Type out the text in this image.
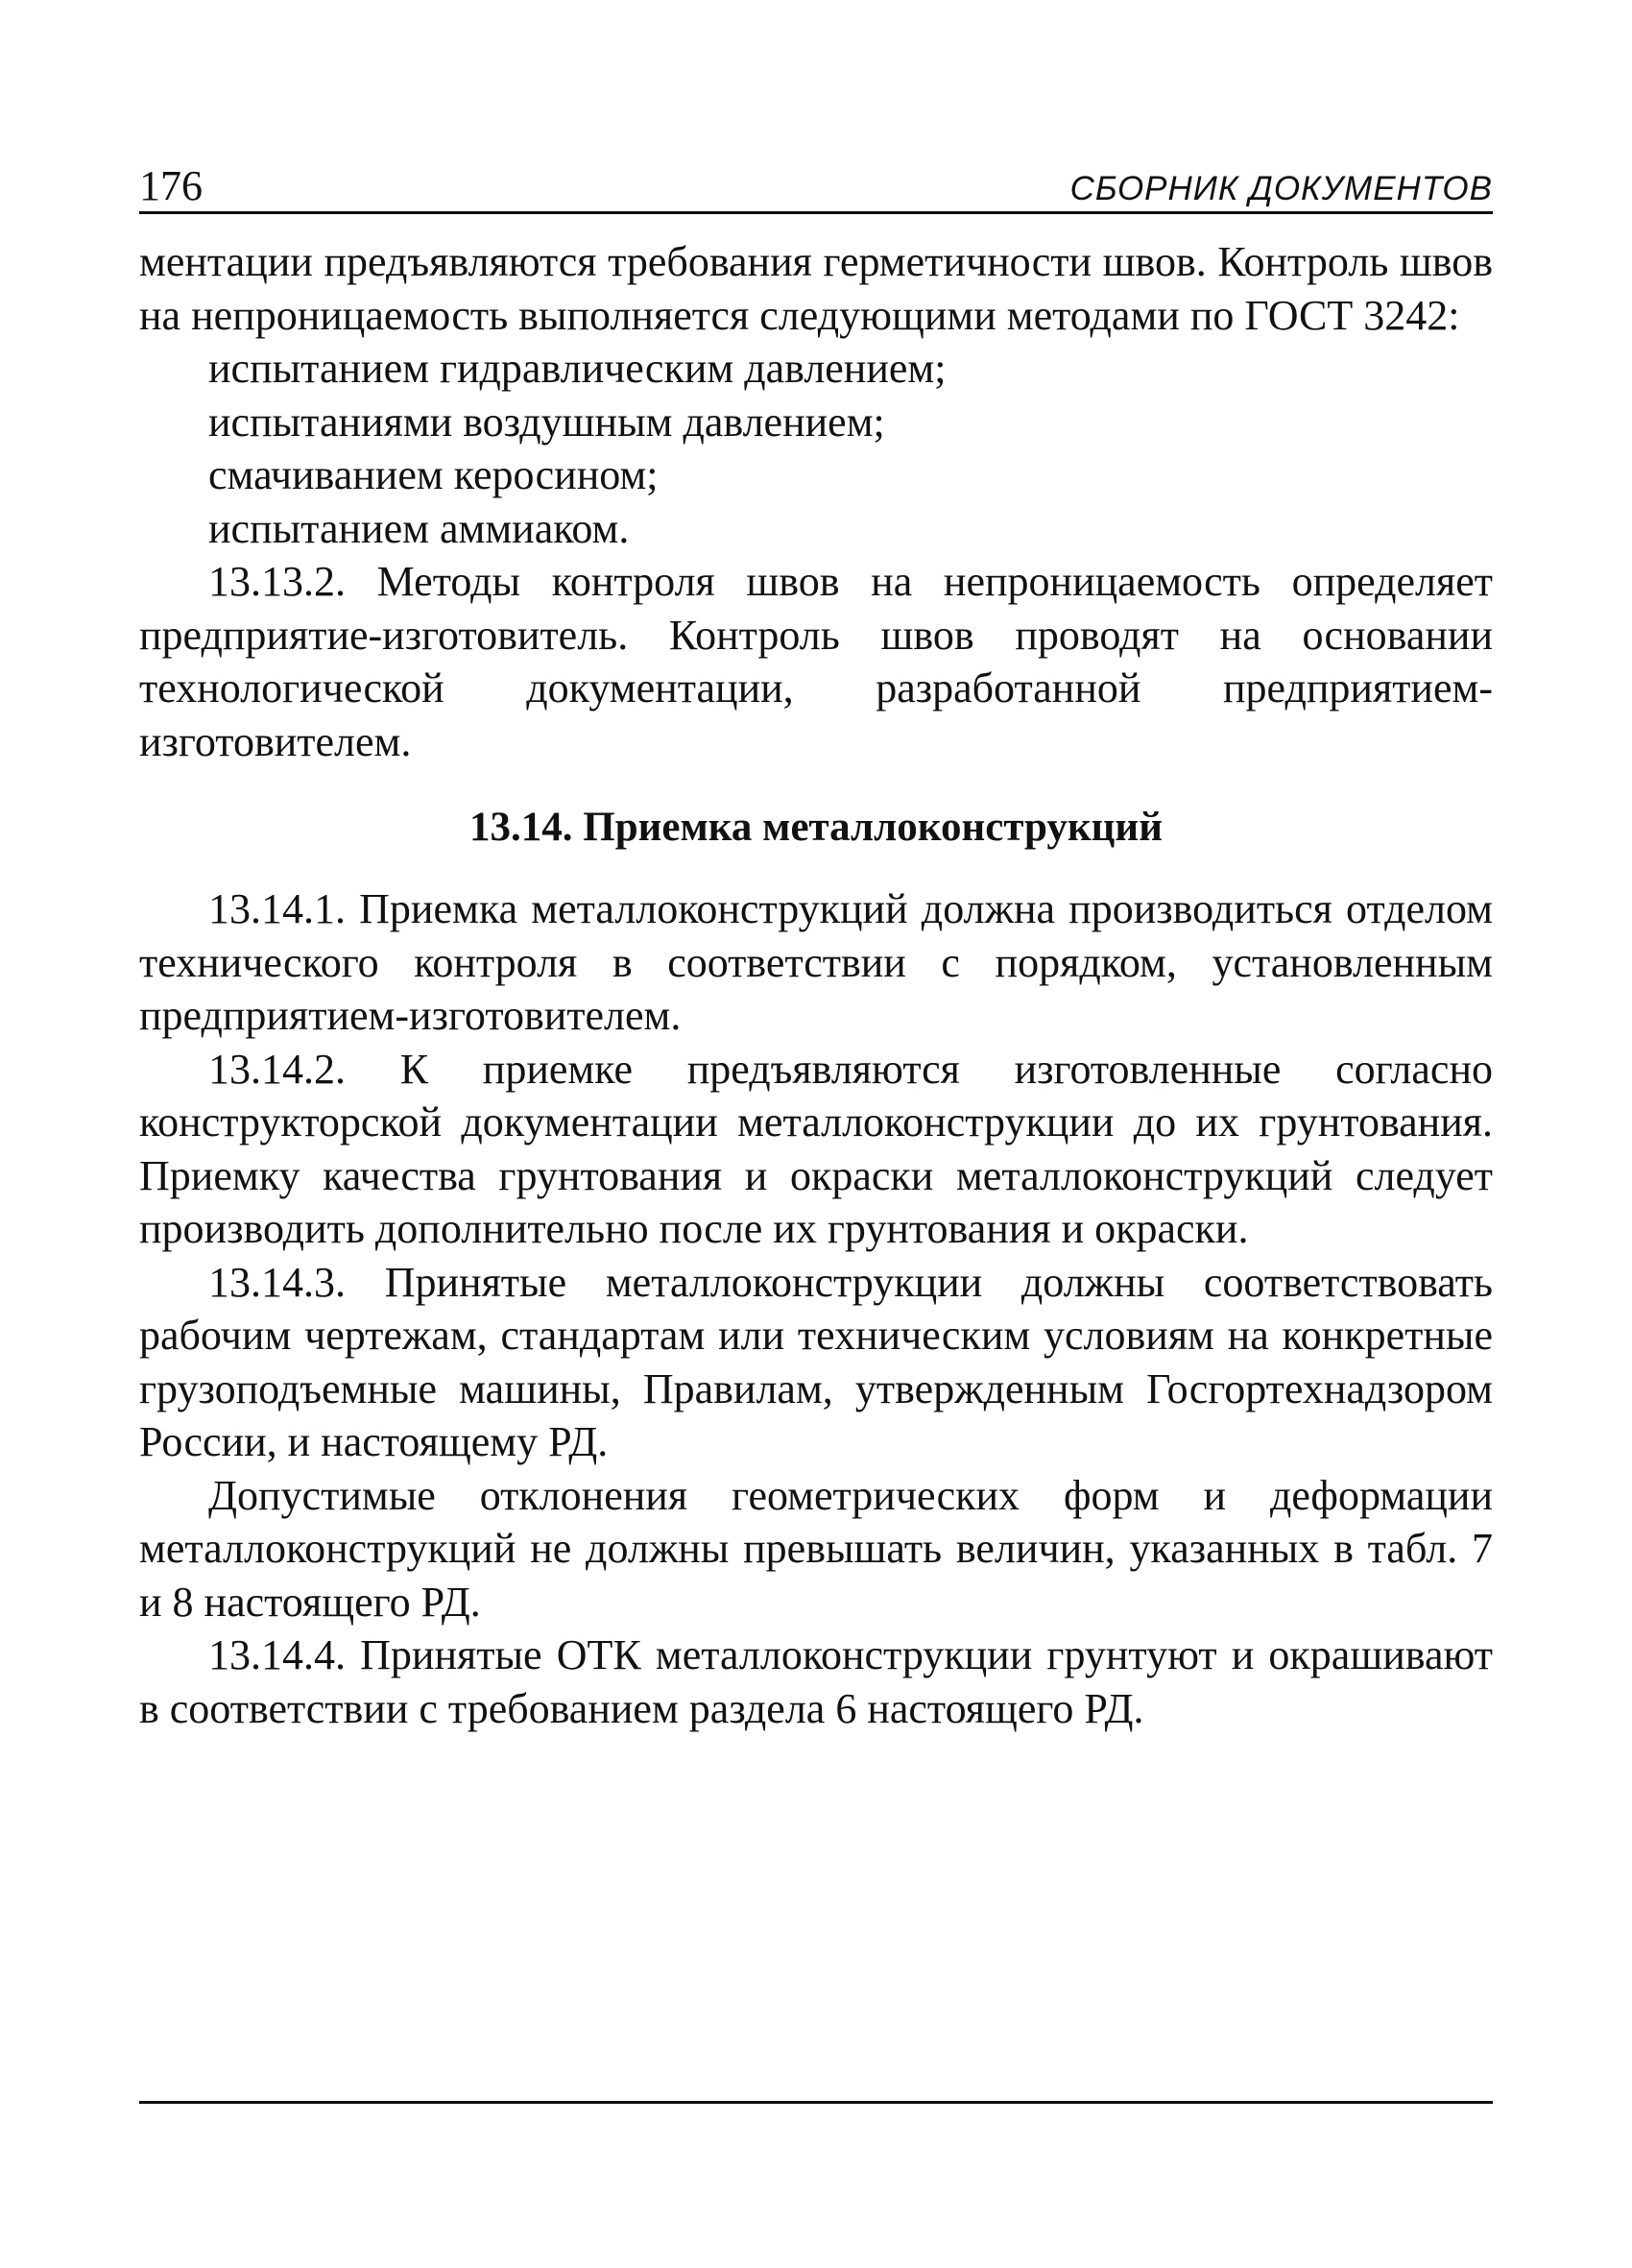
176	СБОРНИК ДОКУМЕНТОВ

ментации предъявляются требования герметичности швов. Контроль швов на непроницаемость выполняется следующими методами по ГОСТ 3242:

испытанием гидравлическим давлением;

испытаниями воздушным давлением;

смачиванием керосином;

испытанием аммиаком.

13.13.2. Методы контроля швов на непроницаемость определяет предприятие-изготовитель. Контроль швов проводят на основании технологической документации, разработанной предприятием-изготовителем.

13.14. Приемка металлоконструкций

13.14.1. Приемка металлоконструкций должна производиться отделом технического контроля в соответствии с порядком, установленным предприятием-изготовителем.

13.14.2. К приемке предъявляются изготовленные согласно конструкторской документации металлоконструкции до их грунтования. Приемку качества грунтования и окраски металлоконструкций следует производить дополнительно после их грунтования и окраски.

13.14.3. Принятые металлоконструкции должны соответствовать рабочим чертежам, стандартам или техническим условиям на конкретные грузоподъемные машины, Правилам, утвержденным Госгортехнадзором России, и настоящему РД.

Допустимые отклонения геометрических форм и деформации металлоконструкций не должны превышать величин, указанных в табл. 7 и 8 настоящего РД.

13.14.4. Принятые ОТК металлоконструкции грунтуют и окрашивают в соответствии с требованием раздела 6 настоящего РД.
